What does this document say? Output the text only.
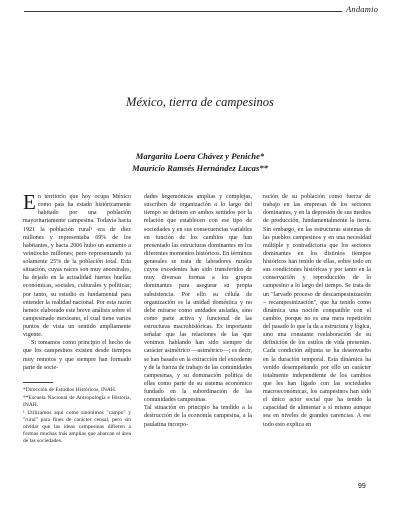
Andamio
México, tierra de campesinos
Margarita Loera Chávez y Peniche*
Mauricio Ramsés Hernández Lucas**

En territorio que hoy ocupa México como país ha estado históricamente habitado por una población mayoritariamente campesina. Todavía hacia 1921 la población rural¹ era de diez millones y representaba 69% de los habitantes, y hacia 2006 hubo un aumento a veintiocho millones; pero representando ya solamente 25% de la población total. Esta situación, cuyas raíces son muy ancestrales, ha dejado en la actualidad fuertes huellas económicas, sociales, culturales y políticas; por tanto, su estudio es fundamental para entender la realidad nacional. Por esta razón hemos elaborado este breve análisis sobre el campesinado mexicano, el cual tiene varios puntos de vista un sentido ampliamente vigente.

Si tomamos como principio el hecho de que los campesinos existen desde tiempos muy remotos y que siempre han formado parte de socie-

*Dirección de Estudios Históricos, INAH.

**Escuela Nacional de Antropología e Historia, INAH.

¹ Utilizamos aquí como sinónimos "campo" y "rural" para fines de carácter censal, pero sin olvidar que las ideas campesinas difieren a formas muchas más amplias que abarcan el área de las sociedades.

dades hegemónicas amplias y complejas, suscriben de organización a lo largo del tiempo se definen en ambos sentidos por la relación que establecen con ese tipo de sociedades y en sus consecuencias variables en función de los cambios que han presentado las estructuras dominantes en los diferentes momentos históricos. En términos generales se trata de labradores rurales cuyos excedentes han sido transferidos de muy diversas formas a los grupos dominantes para asegurar su propia subsistencia. Por ello su célula de organización es la unidad doméstica y no debe mirarse como unidades aisladas, sino como parte activa y funcional de las estructuras macrohistóricas. Es importante señalar que las relaciones de las que venimos hablando han sido siempre de carácter asimétrico —asimétrico—; es decir, se han basado en la extracción del excedente y de la fuerza de trabajo de las comunidades campesinas, y su dominación política de ellas como parte de su sistema económico fundado en la subordinación de las comunidades campesinas.
Tal situación en principio ha tendido a la destrucción de la economía campesina, a la paulatina incorpo-

ración de su población como fuerza de trabajo en las empresas de los sectores dominantes, y en la depresión de sus medios de producción, fundamentalmente la tierra. Sin embargo, en las estructuras sistemas de las pueblos campesinos y en una necesidad múltiple y contradictoria que los sectores dominantes en los distintos tiempos históricos han tenido de ellas, sobre todo en sus condiciones históricas y por tanto en la conservación y reproducción de lo campesino a lo largo del tiempo. Se trata de un "larvado proceso de descampesinización – recampesinización", que ha tenido como dinámica una noción compatible con el cambio, porque no es una mera repetición del pasado lo que la da a estructura y lógica, sino una constante reelaboración de su definición de los estilos de vida presentes. Cada condición adjunta se ha desenvuelto en la duración temporal. Esta dinámica ha venido desempeñando por ello un carácter totalmente independiente de los cambios que les han ligado con las sociedades macroeconómicas, los campesinos han sido el único actor social que ha tenido la capacidad de alimentar a sí mismo aunque sea en niveles de grandes carencias. A ese todo esto explica en

99
